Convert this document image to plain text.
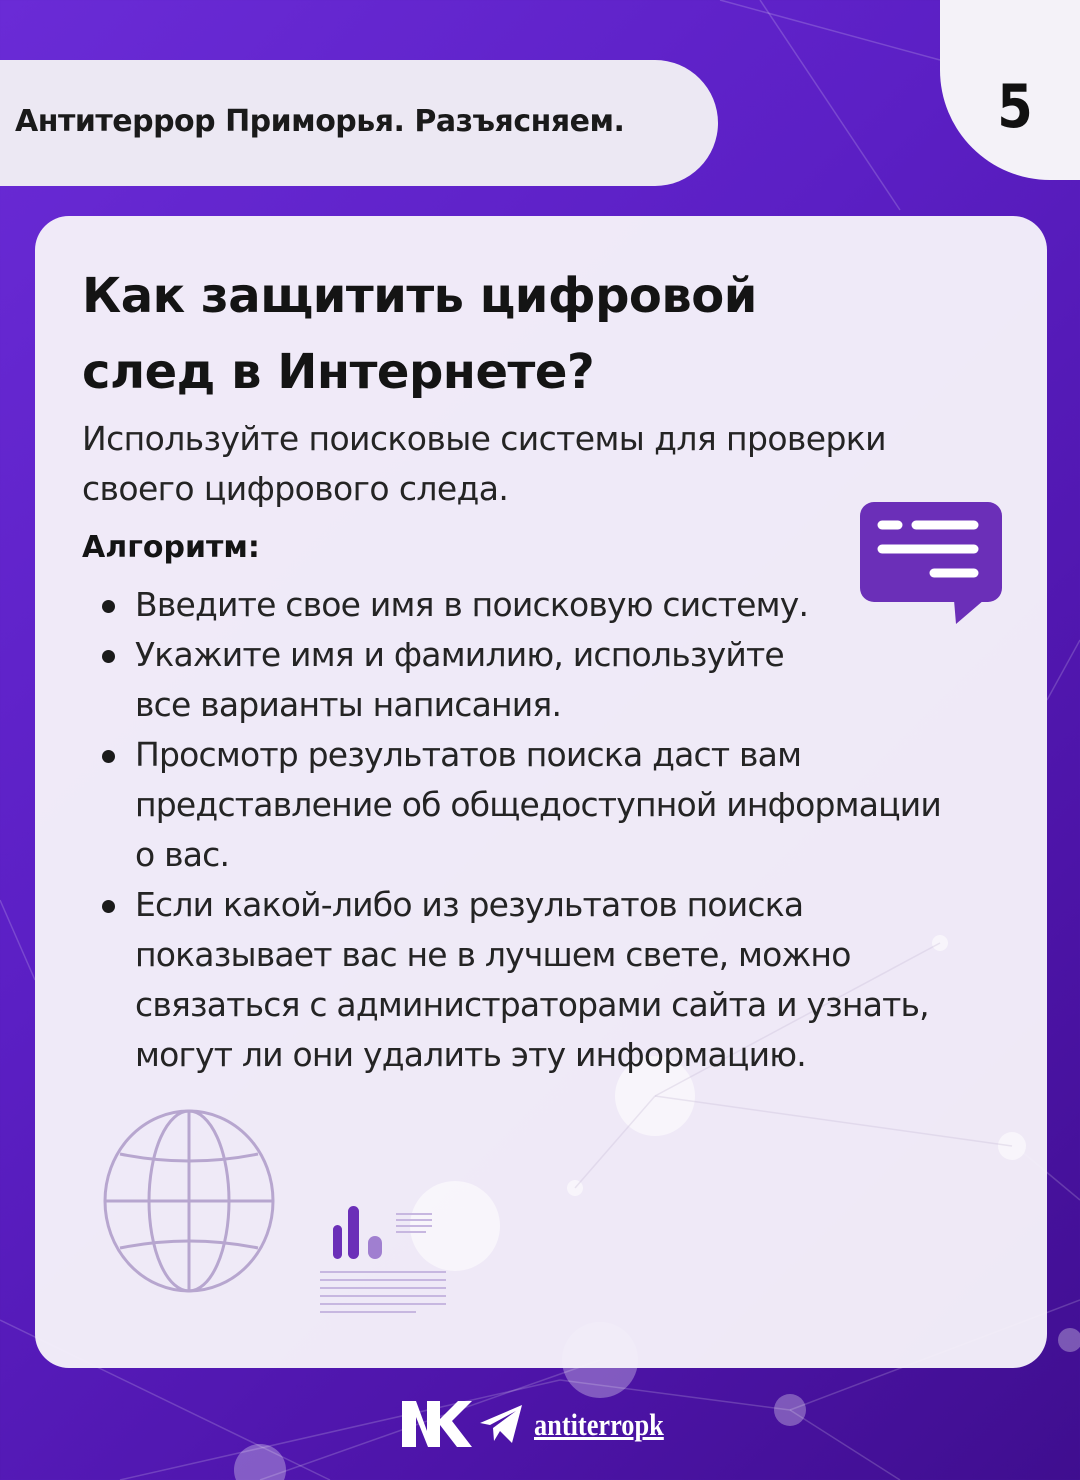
Антитеррор Приморья. Разъясняем.	5
Как защитить цифровой
след в Интернете?
Используйте поисковые системы для проверки
своего цифрового следа.
Алгоритм:
Введите свое имя в поисковую систему.
Укажите имя и фамилию, используйте
все варианты написания.
Просмотр результатов поиска даст вам
представление об общедоступной информации
о вас.
Если какой-либо из результатов поиска
показывает вас не в лучшем свете, можно
связаться с администраторами сайта и узнать,
могут ли они удалить эту информацию.
antiterropk
